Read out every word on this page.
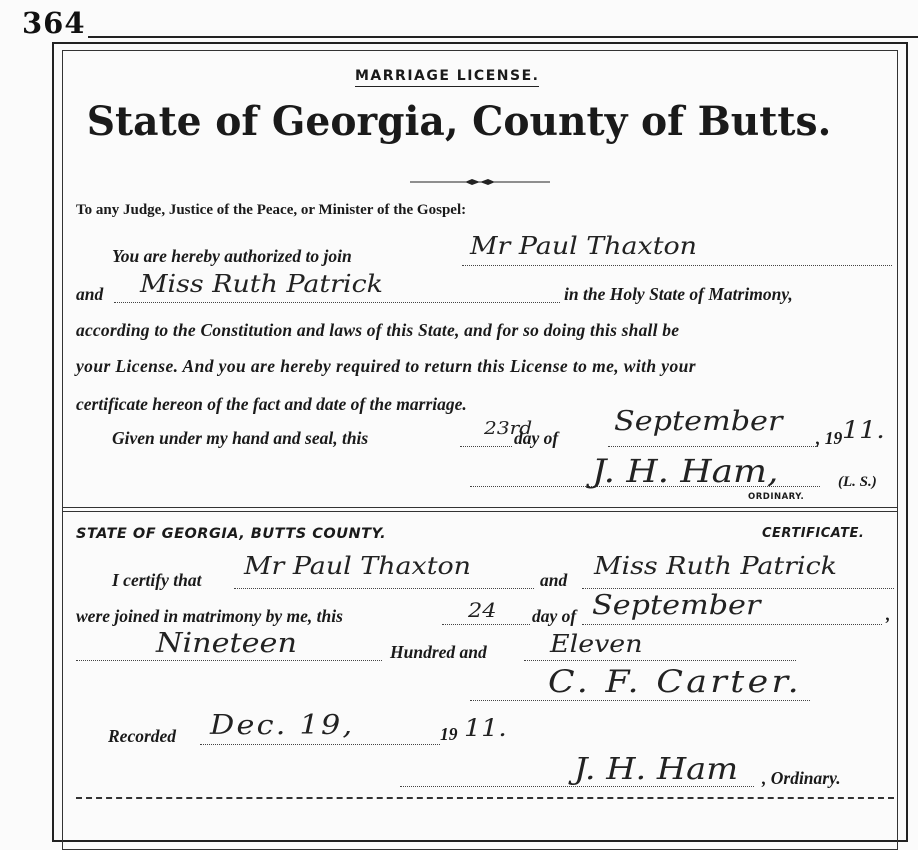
364
MARRIAGE LICENSE.
State of Georgia, County of Butts.
To any Judge, Justice of the Peace, or Minister of the Gospel:
You are hereby authorized to join	Mr Paul Thaxton
and Miss Ruth Patrick	in the Holy State of Matrimony,
according to the Constitution and laws of this State, and for so doing this shall be
your License. And you are hereby required to return this License to me, with your
certificate hereon of the fact and date of the marriage.
Given under my hand and seal, this	23rd
day of
September
, 19 11.
J. H. Ham,	(L. S.)
ORDINARY.
STATE OF GEORGIA, BUTTS COUNTY.	CERTIFICATE.
I certify that Mr Paul Thaxton	and Miss Ruth Patrick
were joined in matrimony by me, this	24 day of September	,
Nineteen	Hundred and	Eleven
C. F. Carter.
Recorded Dec. 19,	19 11.
J. H. Ham , Ordinary.
